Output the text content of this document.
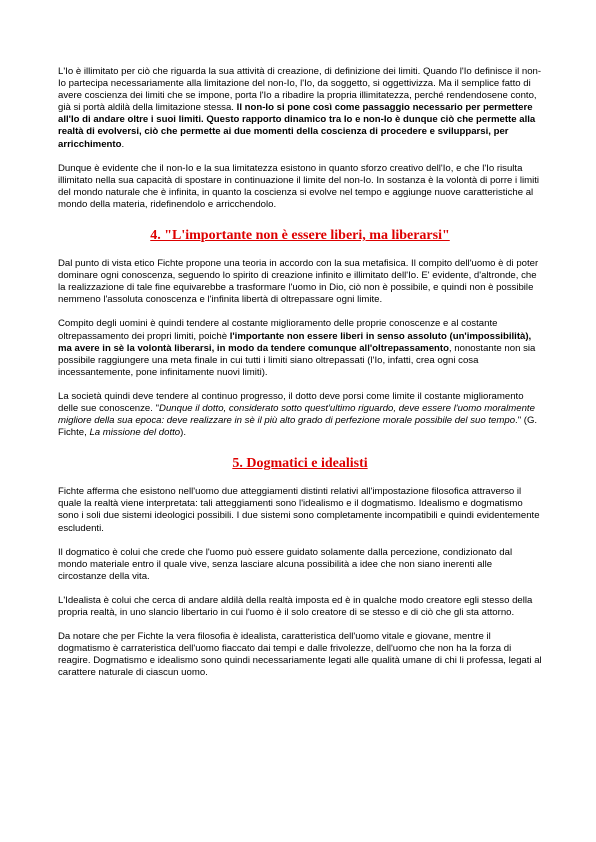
L'Io è illimitato per ciò che riguarda la sua attività di creazione, di definizione dei limiti. Quando l'Io definisce il non-Io partecipa necessariamente alla limitazione del non-Io, l'Io, da soggetto, si oggettivizza. Ma il semplice fatto di avere coscienza dei limiti che se impone, porta l'Io a ribadire la propria illimitatezza, perché rendendosene conto, già si portà aldilà della limitazione stessa. Il non-Io si pone così come passaggio necessario per permettere all'Io di andare oltre i suoi limiti. Questo rapporto dinamico tra Io e non-Io è dunque ciò che permette alla realtà di evolversi, ciò che permette ai due momenti della coscienza di procedere e svilupparsi, per arricchimento.

Dunque è evidente che il non-Io e la sua limitatezza esistono in quanto sforzo creativo dell'Io, e che l'Io risulta illimitato nella sua capacità di spostare in continuazione il limite del non-Io. In sostanza è la volontà di porre i limiti del mondo naturale che è infinita, in quanto la coscienza si evolve nel tempo e aggiunge nuove caratteristiche al mondo della materia, ridefinendolo e arricchendolo.

4. "L'importante non è essere liberi, ma liberarsi"

Dal punto di vista etico Fichte propone una teoria in accordo con la sua metafisica. Il compito dell'uomo è di poter dominare ogni conoscenza, seguendo lo spirito di creazione infinito e illimitato dell'Io. E' evidente, d'altronde, che la realizzazione di tale fine equivarebbe a trasformare l'uomo in Dio, ciò non è possibile, e quindi non è possibile nemmeno l'assoluta conoscenza e l'infinita libertà di oltrepassare ogni limite.

Compito degli uomini è quindi tendere al costante miglioramento delle proprie conoscenze e al costante oltrepassamento dei propri limiti, poichè l'importante non essere liberi in senso assoluto (un'impossibilità), ma avere in sè la volontà liberarsi, in modo da tendere comunque all'oltrepassamento, nonostante non sia possibile raggiungere una meta finale in cui tutti i limiti siano oltrepassati (l'Io, infatti, crea ogni cosa incessantemente, pone infinitamente nuovi limiti).

La società quindi deve tendere al continuo progresso, il dotto deve porsi come limite il costante miglioramento delle sue conoscenze. "Dunque il dotto, considerato sotto quest'ultimo riguardo, deve essere l'uomo moralmente migliore della sua epoca: deve realizzare in sè il più alto grado di perfezione morale possibile del suo tempo." (G. Fichte, La missione del dotto).

5. Dogmatici e idealisti

Fichte afferma che esistono nell'uomo due atteggiamenti distinti relativi all'impostazione filosofica attraverso il quale la realtà viene interpretata: tali atteggiamenti sono l'idealismo e il dogmatismo. Idealismo e dogmatismo sono i soli due sistemi ideologici possibili. I due sistemi sono completamente incompatibili e quindi evidentemente escludenti.

Il dogmatico è colui che crede che l'uomo può essere guidato solamente dalla percezione, condizionato dal mondo materiale entro il quale vive, senza lasciare alcuna possibilità a idee che non siano inerenti alle circostanze della vita.

L'Idealista è colui che cerca di andare aldilà della realtà imposta ed è in qualche modo creatore egli stesso della propria realtà, in uno slancio libertario in cui l'uomo è il solo creatore di se stesso e di ciò che gli sta attorno.

Da notare che per Fichte la vera filosofia è idealista, caratteristica dell'uomo vitale e giovane, mentre il dogmatismo è carrateristica dell'uomo fiaccato dai tempi e dalle frivolezze, dell'uomo che non ha la forza di reagire. Dogmatismo e idealismo sono quindi necessariamente legati alle qualità umane di chi li professa, legati al carattere naturale di ciascun uomo.
